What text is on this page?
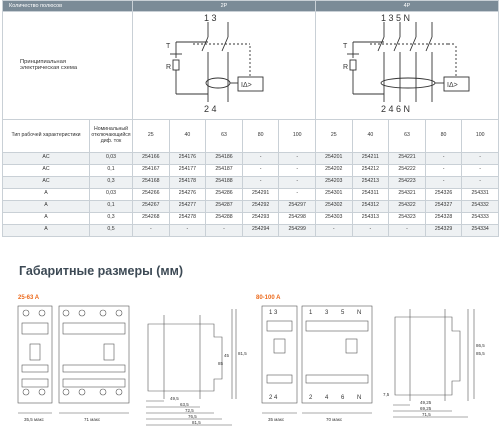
Количество полюсов		2P					4P				
Принципиальная электрическая схема		1 3
2 4
T
R
IΔ>					1 3 5 N
2 4 6 N
T
R
IΔ>				

Тип рабочей характеристики	Номинальный отключающийся диф. ток	25	40	63	80	100	25	40	63	80	100
AC	0,03	254166	254176	254186	-	-	254201	254211	254221	-	-
AC	0,1	254167	254177	254187	-	-	254202	254212	254222	-	-
AC	0,3	254168	254178	254188	-	-	254203	254213	254223	-	-
A	0,03	254266	254276	254286	254291	-	254301	254311	254321	254326	254331
A	0,1	254267	254277	254287	254292	254297	254302	254312	254322	254327	254332
A	0,3	254268	254278	254288	254293	254298	254303	254313	254323	254328	254333
A	0,5	-	-	-	254294	254299	-	-	-	254329	254334

Габаритные размеры (мм)

25-63 A	80-100 A

35,5 макс	71 макс
81,5
45
85
49,5
63,5
72,5
76,5
81,5
35 макс	70 макс
86,5
85,5
49,25
69,25
71,5
7,5
1 3
2 4
1 3 5 N
2 4 6 N
